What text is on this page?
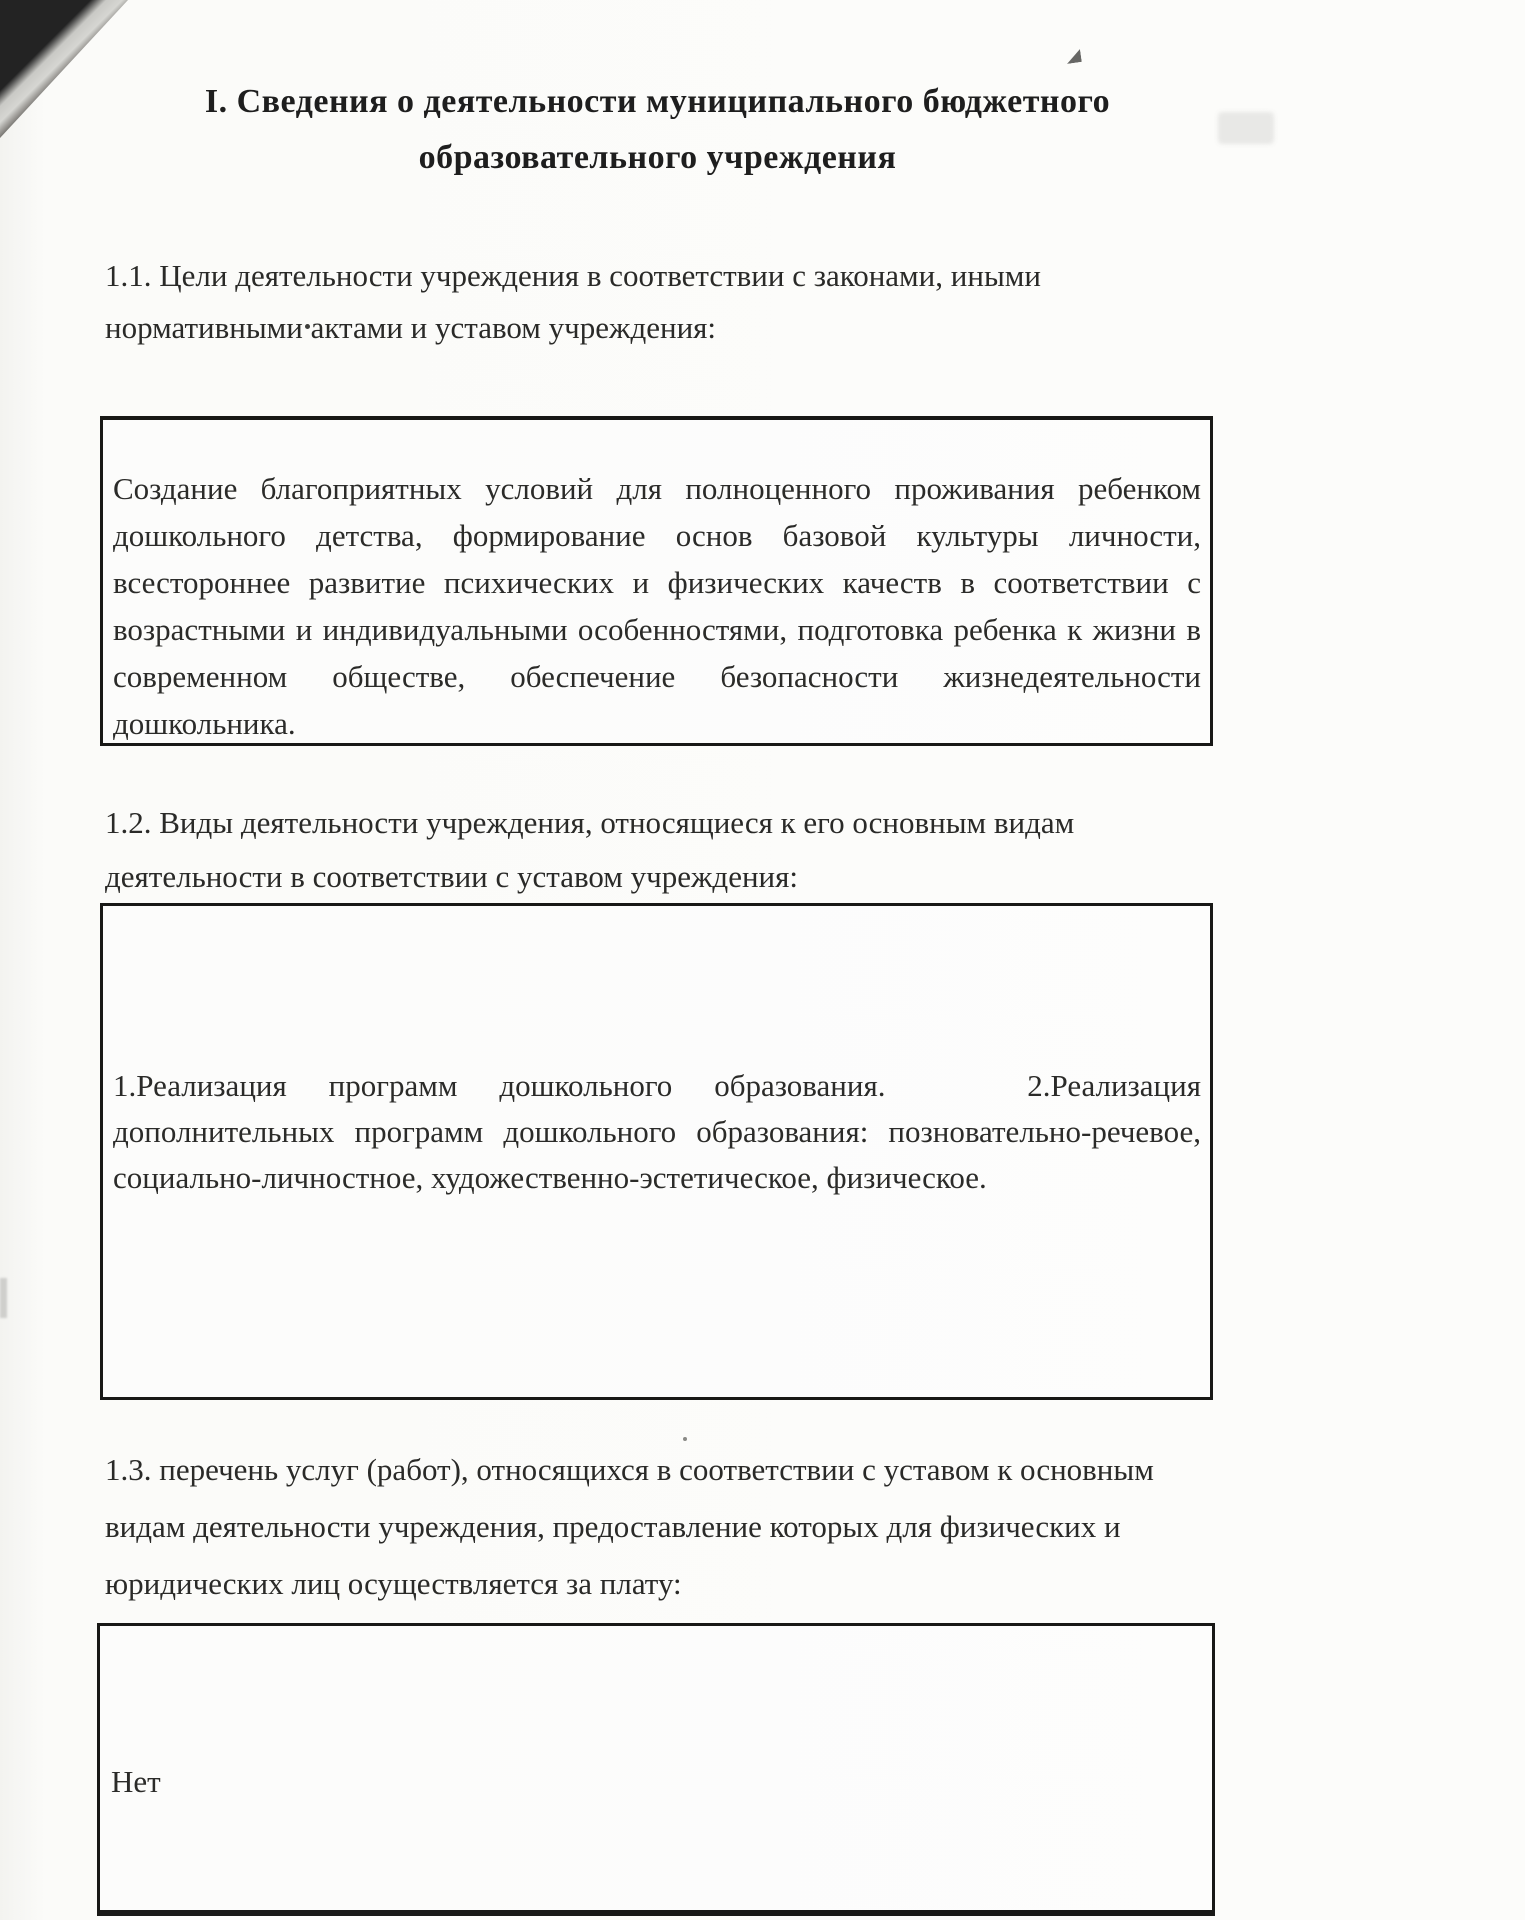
I. Сведения о деятельности муниципального бюджетного
образовательного учреждения
1.1. Цели деятельности учреждения в соответствии с законами, иными
нормативными актами и уставом учреждения:
Создание благоприятных условий для полноценного проживания ребенком
дошкольного детства, формирование основ базовой культуры личности,
всестороннее развитие психических и физических качеств в соответствии с
возрастными и индивидуальными особенностями, подготовка ребенка к жизни в
современном обществе, обеспечение безопасности жизнедеятельности дошкольника.
1.2. Виды деятельности учреждения, относящиеся к его основным видам
деятельности в соответствии с уставом учреждения:
1.Реализация программ дошкольного образования.	2.Реализация
дополнительных программ дошкольного образования: позновательно-речевое,
социально-личностное, художественно-эстетическое, физическое.
1.3. перечень услуг (работ), относящихся в соответствии с уставом к основным
видам деятельности учреждения, предоставление которых для физических и
юридических лиц осуществляется за плату:
Нет
